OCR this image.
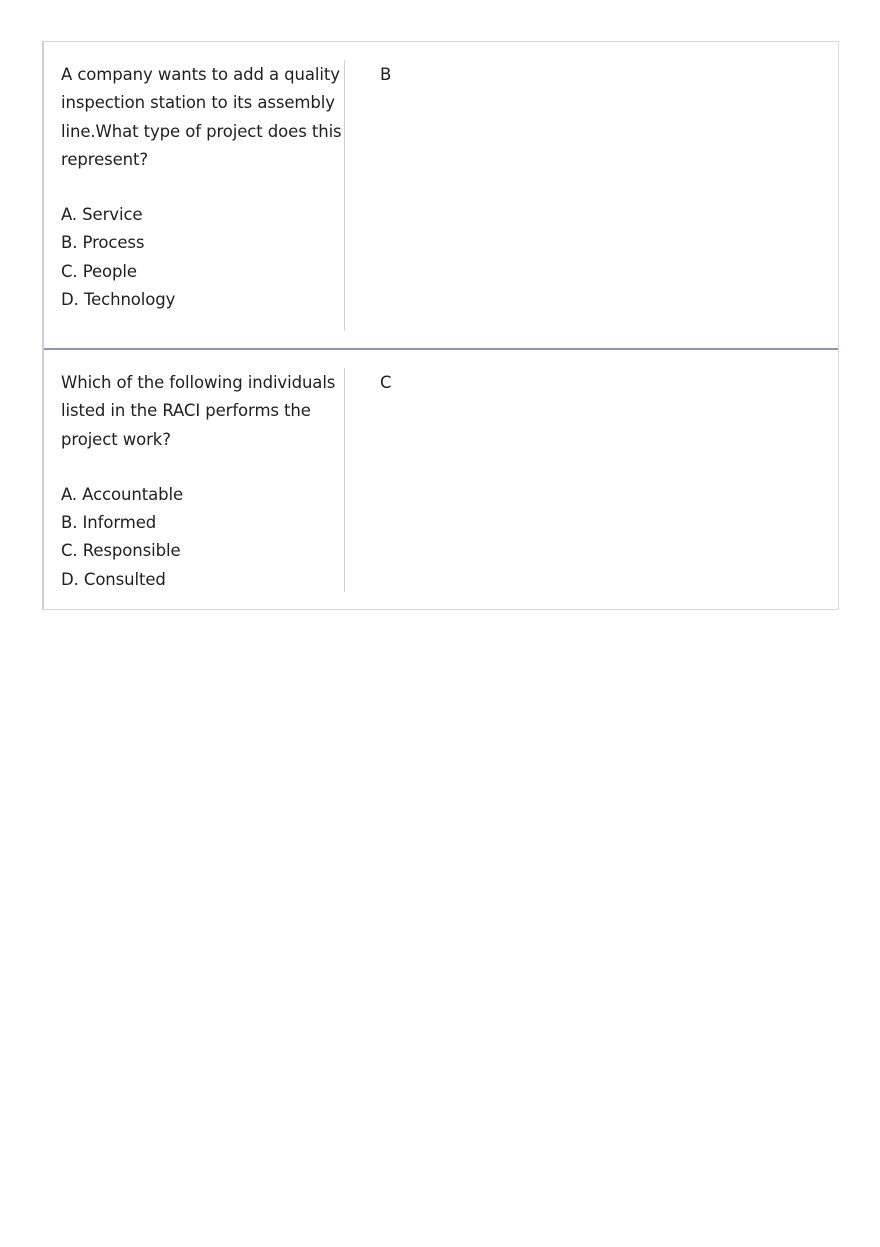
A company wants to add a quality inspection station to its assembly line.What type of project does this represent?

A. Service
B. Process
C. People
D. Technology
B

Which of the following individuals listed in the RACI performs the project work?

A. Accountable
B. Informed
C. Responsible
D. Consulted
C
